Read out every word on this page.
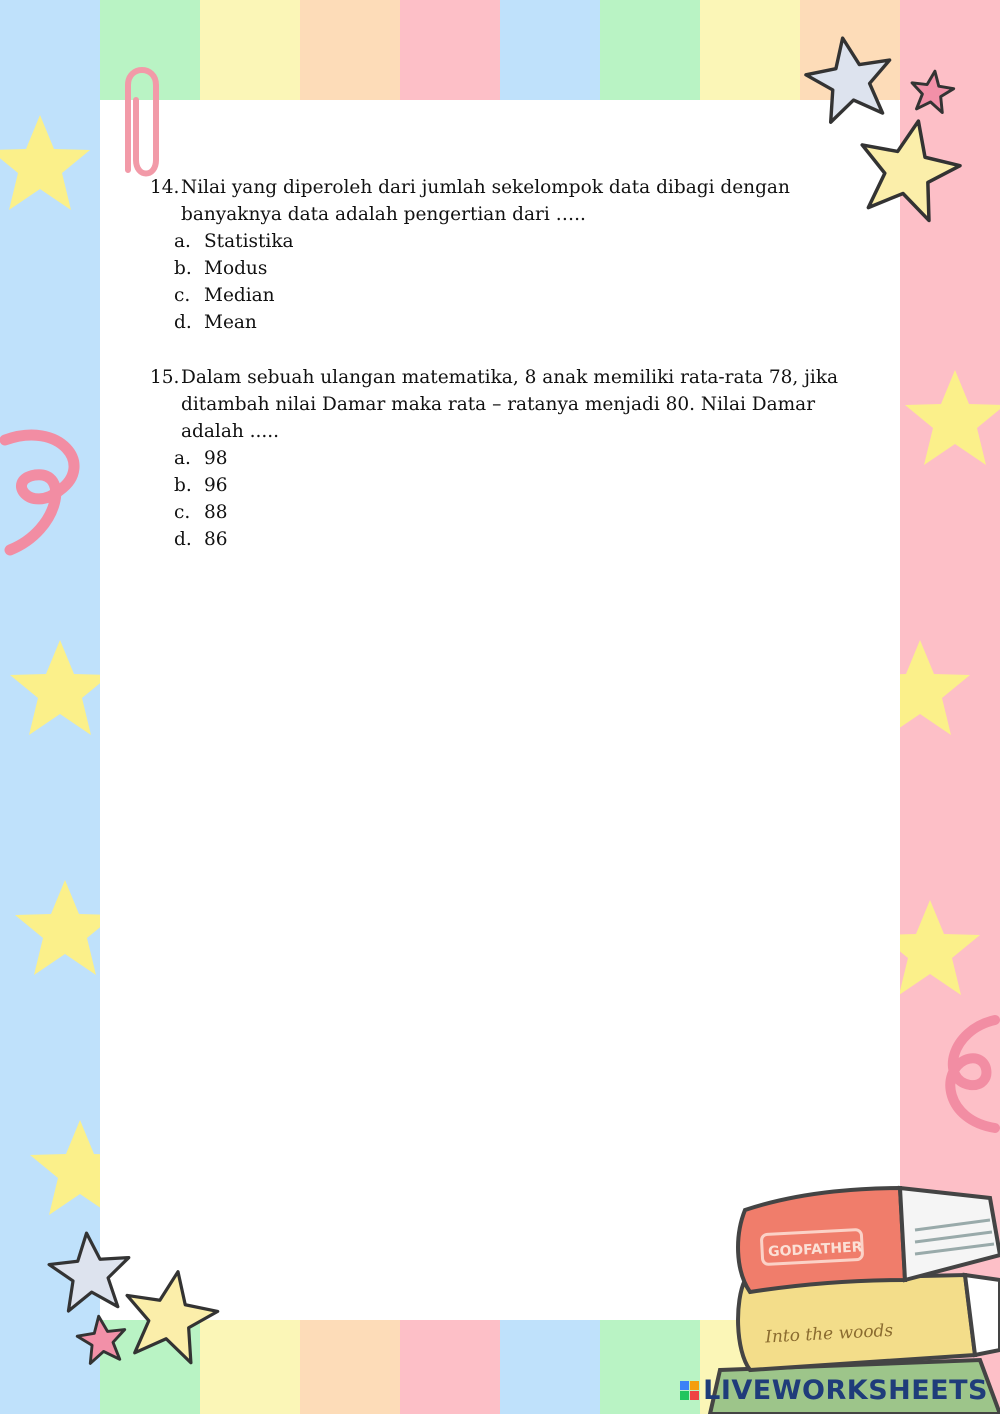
Into the woods
GODFATHER
14. Nilai yang diperoleh dari jumlah sekelompok data dibagi dengan banyaknya data adalah pengertian dari …..
a. Statistika
b. Modus
c. Median
d. Mean
15. Dalam sebuah ulangan matematika, 8 anak memiliki rata-rata 78, jika ditambah nilai Damar maka rata – ratanya menjadi 80. Nilai Damar adalah .....
a. 98
b. 96
c. 88
d. 86
LIVEWORKSHEETS
